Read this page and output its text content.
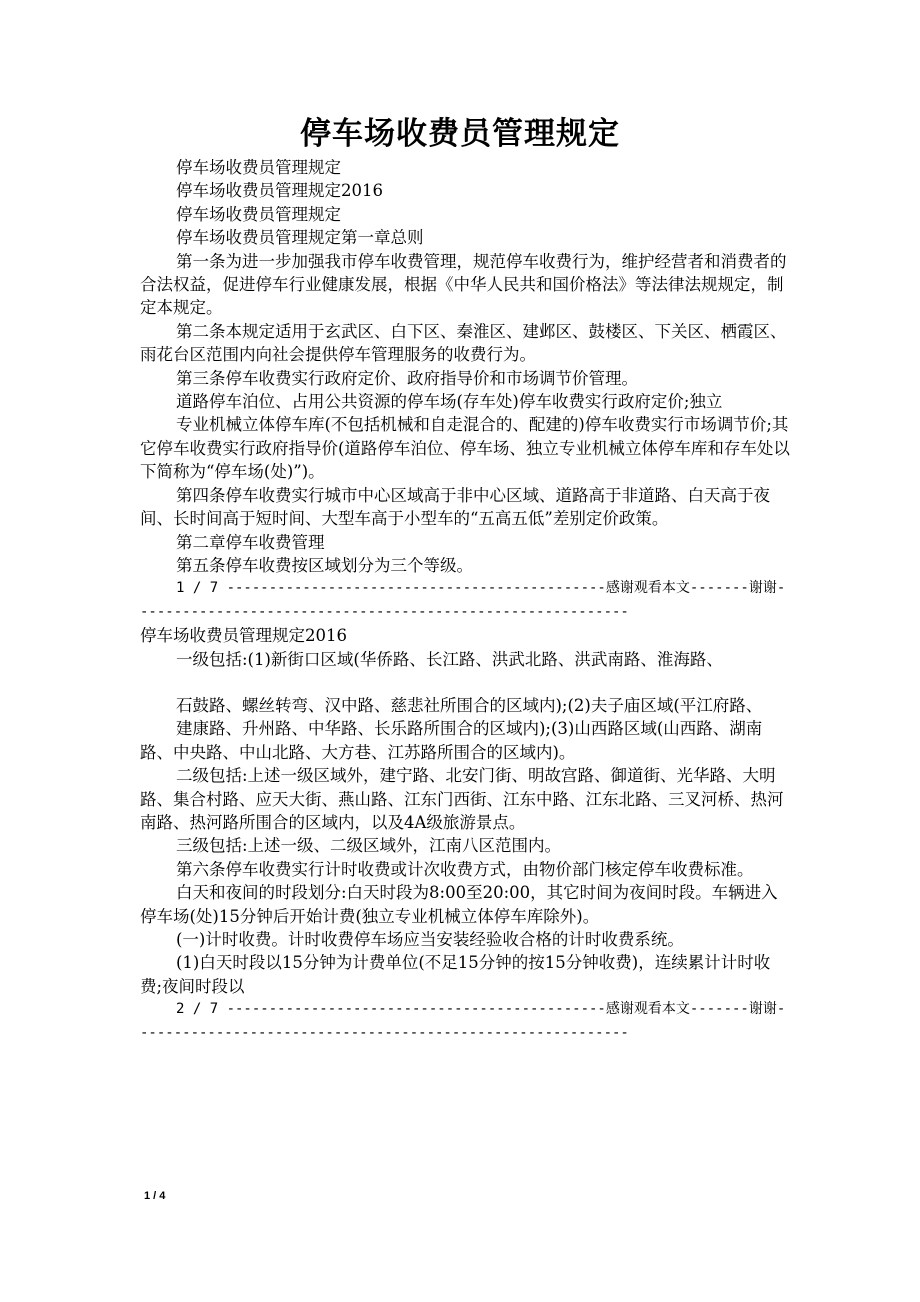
停车场收费员管理规定

停车场收费员管理规定

停车场收费员管理规定2016

停车场收费员管理规定

停车场收费员管理规定第一章总则

第一条为进一步加强我市停车收费管理，规范停车收费行为，维护经营者和消费者的合法权益，促进停车行业健康发展，根据《中华人民共和国价格法》等法律法规规定，制定本规定。

第二条本规定适用于玄武区、白下区、秦淮区、建邺区、鼓楼区、下关区、栖霞区、雨花台区范围内向社会提供停车管理服务的收费行为。

第三条停车收费实行政府定价、政府指导价和市场调节价管理。

道路停车泊位、占用公共资源的停车场(存车处)停车收费实行政府定价;独立

专业机械立体停车库(不包括机械和自走混合的、配建的)停车收费实行市场调节价;其它停车收费实行政府指导价(道路停车泊位、停车场、独立专业机械立体停车库和存车处以下简称为“停车场(处)”)。

第四条停车收费实行城市中心区域高于非中心区域、道路高于非道路、白天高于夜间、长时间高于短时间、大型车高于小型车的“五高五低”差别定价政策。

第二章停车收费管理

第五条停车收费按区域划分为三个等级。

1 / 7 ---------------------------------------------感谢观看本文-------谢谢-----------------------------------------------------------

停车场收费员管理规定2016

一级包括:(1)新街口区域(华侨路、长江路、洪武北路、洪武南路、淮海路、

石鼓路、螺丝转弯、汉中路、慈悲社所围合的区域内);(2)夫子庙区域(平江府路、

建康路、升州路、中华路、长乐路所围合的区域内);(3)山西路区域(山西路、湖南路、中央路、中山北路、大方巷、江苏路所围合的区域内)。

二级包括:上述一级区域外，建宁路、北安门街、明故宫路、御道街、光华路、大明路、集合村路、应天大街、燕山路、江东门西街、江东中路、江东北路、三叉河桥、热河南路、热河路所围合的区域内，以及4A级旅游景点。

三级包括:上述一级、二级区域外，江南八区范围内。

第六条停车收费实行计时收费或计次收费方式，由物价部门核定停车收费标准。

白天和夜间的时段划分:白天时段为8:00至20:00，其它时间为夜间时段。车辆进入停车场(处)15分钟后开始计费(独立专业机械立体停车库除外)。

(一)计时收费。计时收费停车场应当安装经验收合格的计时收费系统。

(1)白天时段以15分钟为计费单位(不足15分钟的按15分钟收费)，连续累计计时收费;夜间时段以

2 / 7 ---------------------------------------------感谢观看本文-------谢谢-----------------------------------------------------------

1 / 4
